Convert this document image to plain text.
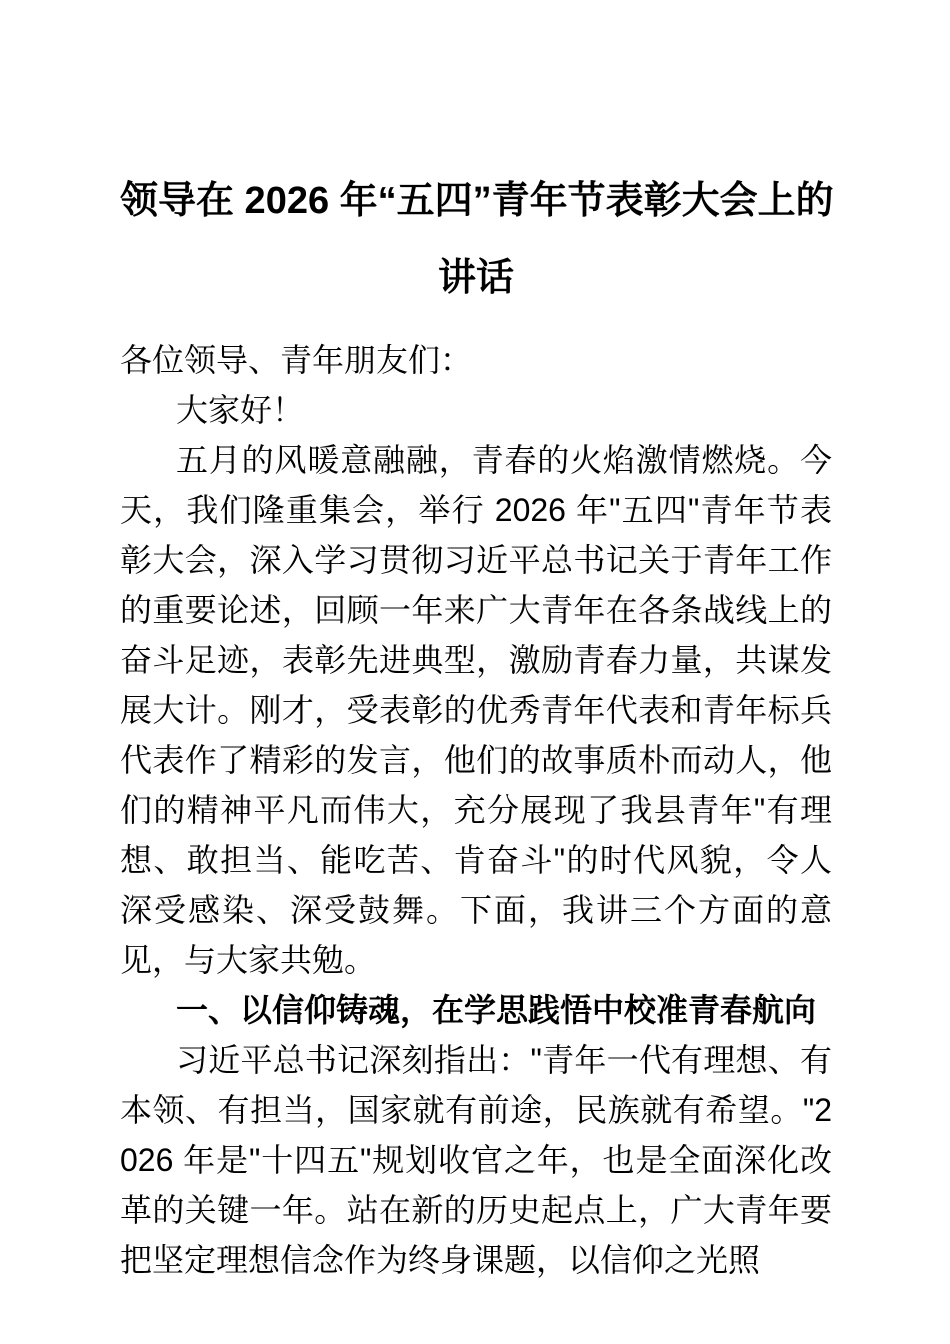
领导在 2026 年“五四”青年节表彰大会上的
讲话

各位领导、青年朋友们：

大家好！

五月的风暖意融融，青春的火焰激情燃烧。今天，我们隆重集会，举行 2026 年"五四"青年节表彰大会，深入学习贯彻习近平总书记关于青年工作的重要论述，回顾一年来广大青年在各条战线上的奋斗足迹，表彰先进典型，激励青春力量，共谋发展大计。刚才，受表彰的优秀青年代表和青年标兵代表作了精彩的发言，他们的故事质朴而动人，他们的精神平凡而伟大，充分展现了我县青年"有理想、敢担当、能吃苦、肯奋斗"的时代风貌，令人深受感染、深受鼓舞。下面，我讲三个方面的意见，与大家共勉。

一、以信仰铸魂，在学思践悟中校准青春航向

习近平总书记深刻指出："青年一代有理想、有本领、有担当，国家就有前途，民族就有希望。"2026 年是"十四五"规划收官之年，也是全面深化改革的关键一年。站在新的历史起点上，广大青年要把坚定理想信念作为终身课题，以信仰之光照
